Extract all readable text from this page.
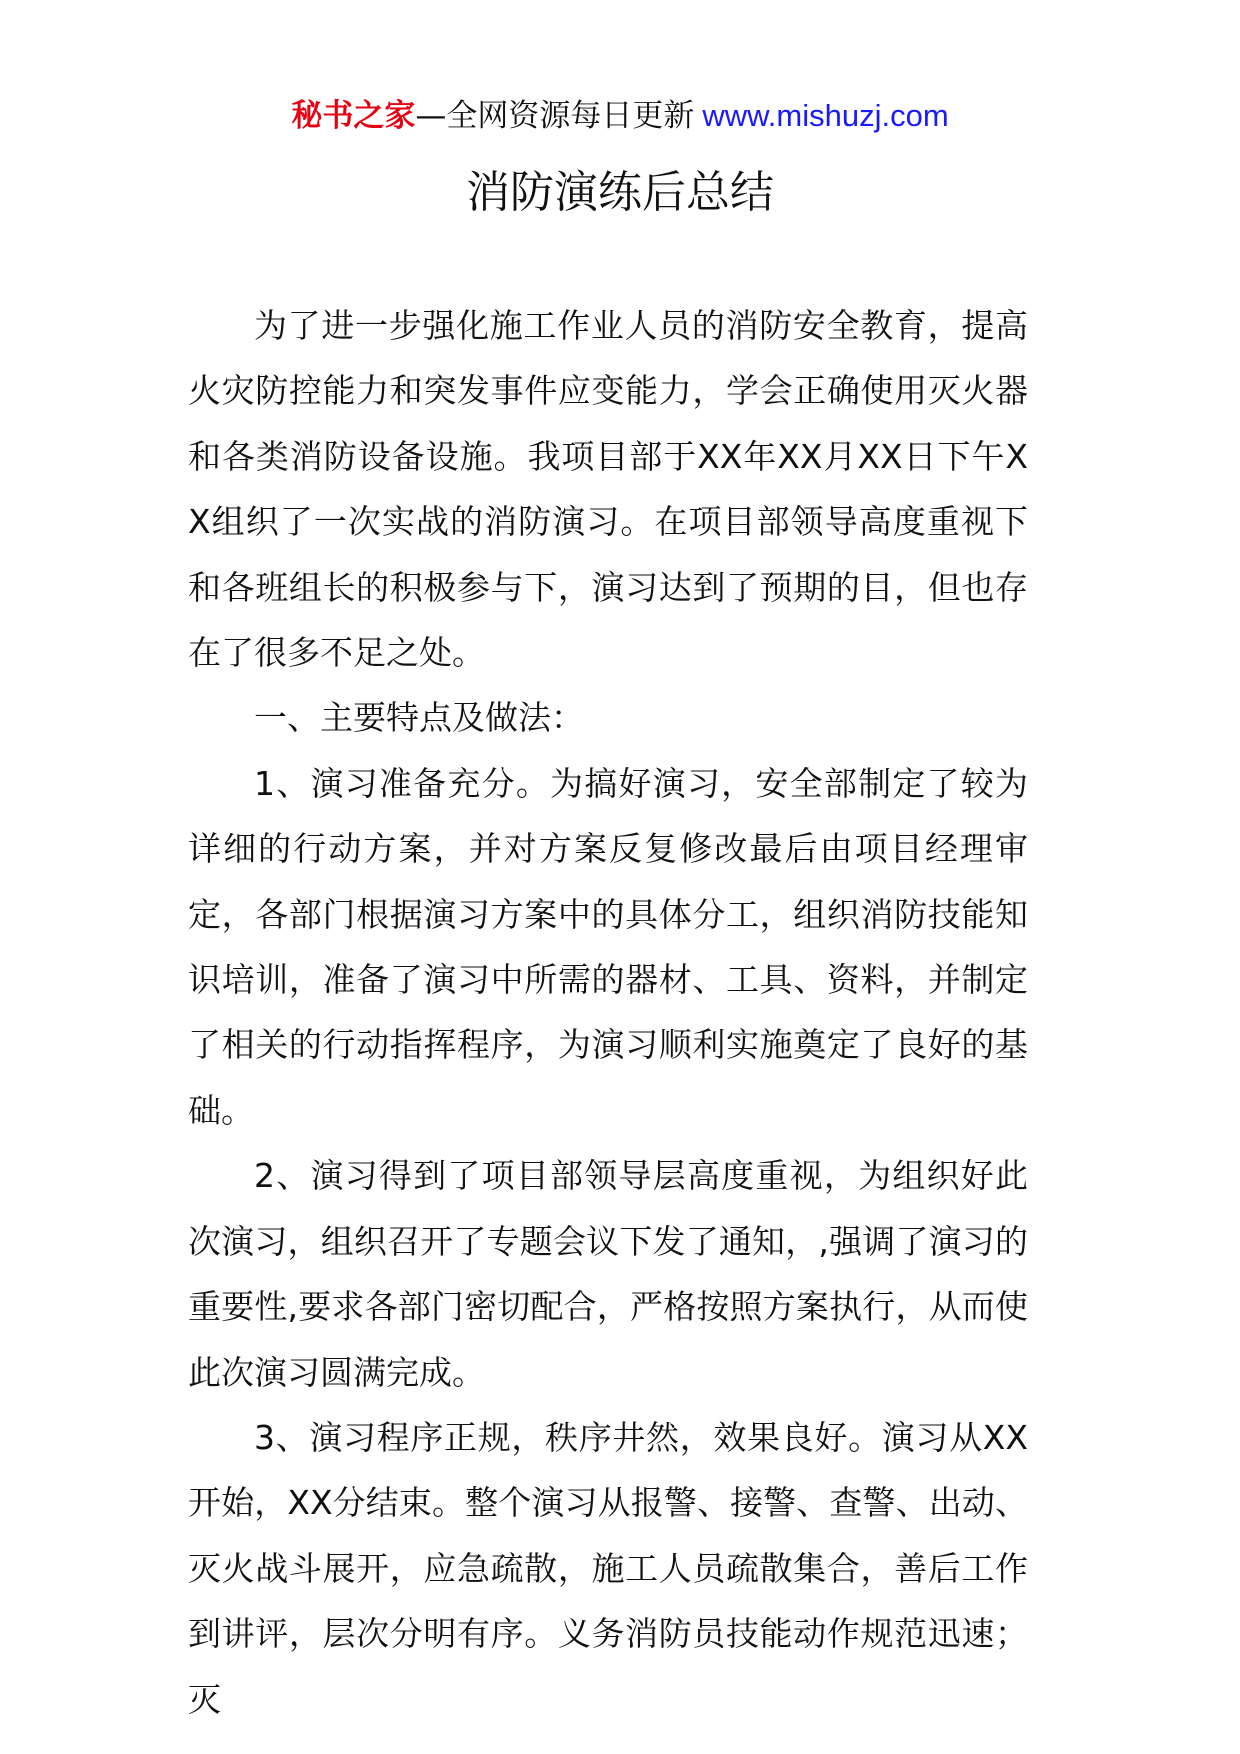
秘书之家—全网资源每日更新 www.mishuzj.com
消防演练后总结

为了进一步强化施工作业人员的消防安全教育，提高火灾防控能力和突发事件应变能力，学会正确使用灭火器和各类消防设备设施。我项目部于XX年XX月XX日下午XX组织了一次实战的消防演习。在项目部领导高度重视下和各班组长的积极参与下，演习达到了预期的目，但也存在了很多不足之处。

一、主要特点及做法：

1、演习准备充分。为搞好演习，安全部制定了较为详细的行动方案，并对方案反复修改最后由项目经理审定，各部门根据演习方案中的具体分工，组织消防技能知识培训，准备了演习中所需的器材、工具、资料，并制定了相关的行动指挥程序，为演习顺利实施奠定了良好的基础。

2、演习得到了项目部领导层高度重视，为组织好此次演习，组织召开了专题会议下发了通知，,强调了演习的重要性,要求各部门密切配合，严格按照方案执行，从而使此次演习圆满完成。

3、演习程序正规，秩序井然，效果良好。演习从XX开始，XX分结束。整个演习从报警、接警、查警、出动、灭火战斗展开，应急疏散，施工人员疏散集合，善后工作到讲评，层次分明有序。义务消防员技能动作规范迅速；灭
